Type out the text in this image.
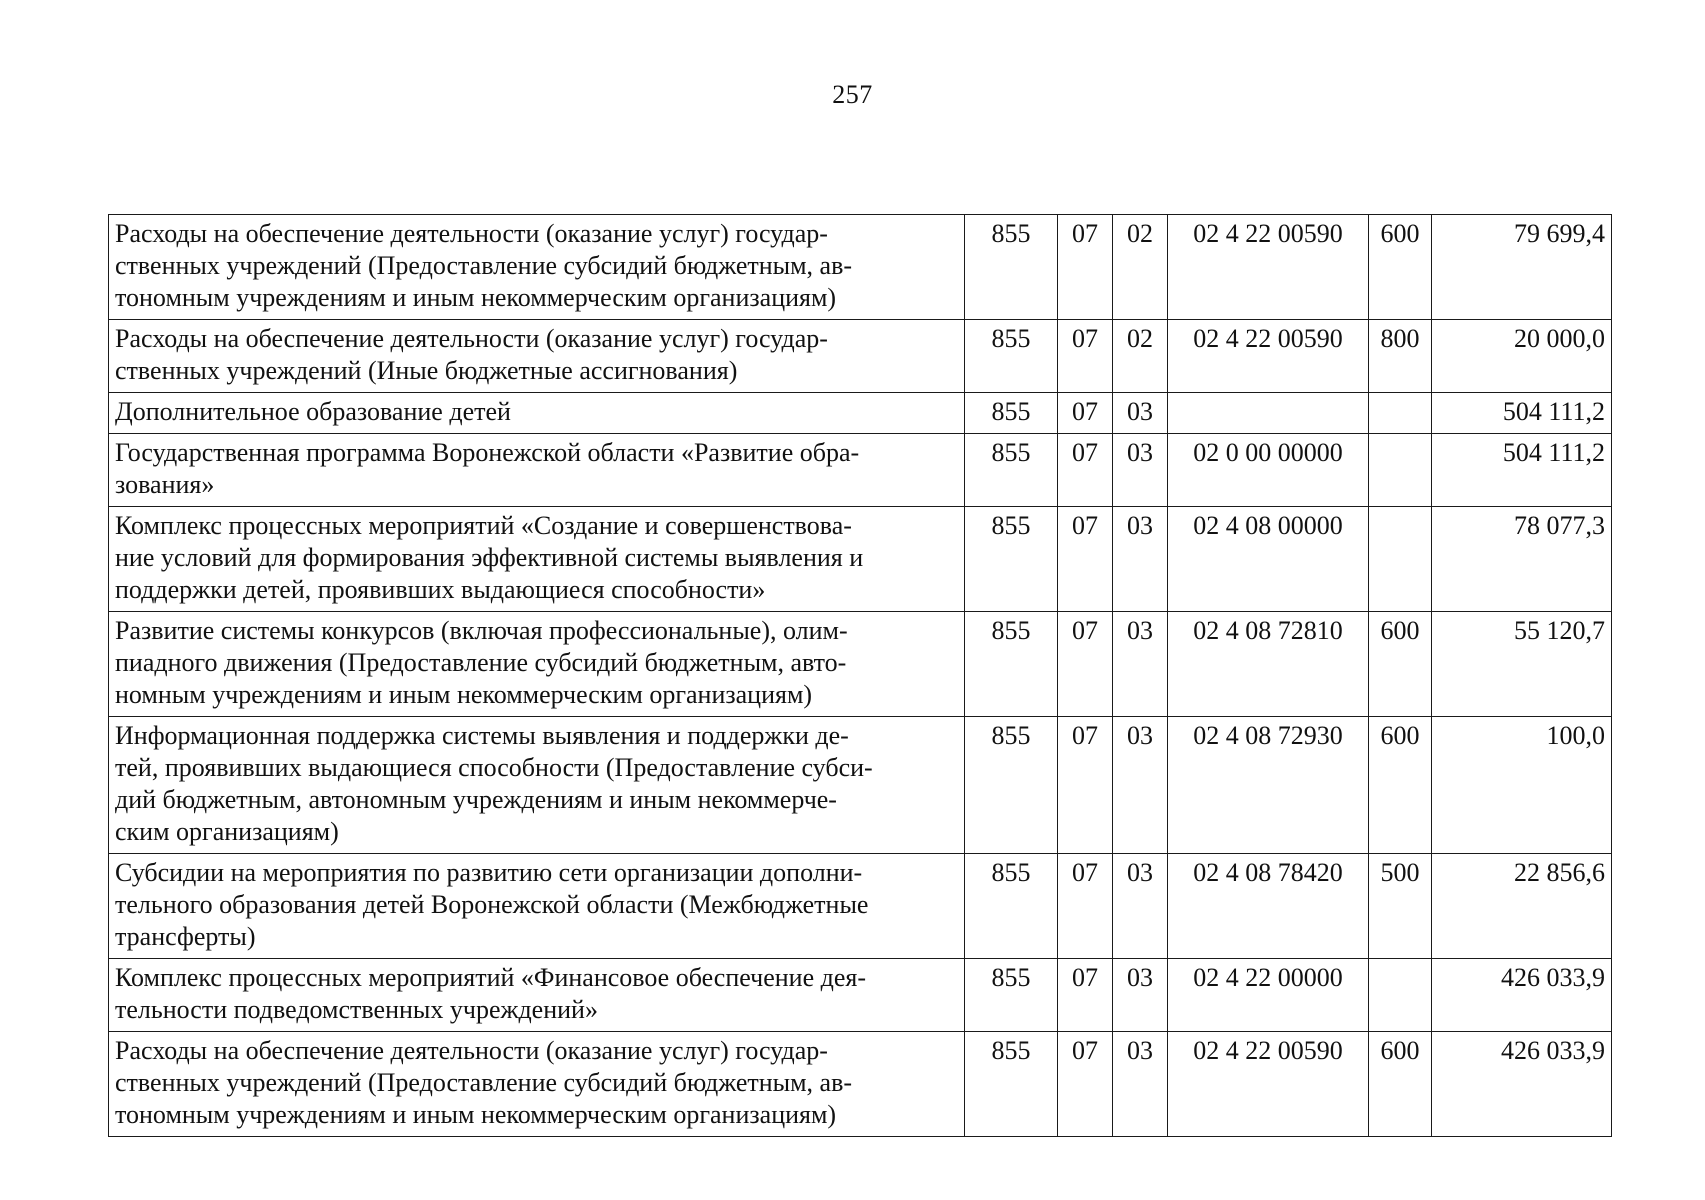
257
Расходы на обеспечение деятельности (оказание услуг) государ-
ственных учреждений (Предоставление субсидий бюджетным, ав-
тономным учреждениям и иным некоммерческим организациям)	855	07	02	02 4 22 00590	600	79 699,4

Расходы на обеспечение деятельности (оказание услуг) государ-
ственных учреждений (Иные бюджетные ассигнования)	855	07	02	02 4 22 00590	800	20 000,0

Дополнительное образование детей	855	07	03			504 111,2

Государственная программа Воронежской области «Развитие обра-
зования»	855	07	03	02 0 00 00000		504 111,2

Комплекс процессных мероприятий «Создание и совершенствова-
ние условий для формирования эффективной системы выявления и
поддержки детей, проявивших выдающиеся способности»	855	07	03	02 4 08 00000		78 077,3

Развитие системы конкурсов (включая профессиональные), олим-
пиадного движения (Предоставление субсидий бюджетным, авто-
номным учреждениям и иным некоммерческим организациям)	855	07	03	02 4 08 72810	600	55 120,7

Информационная поддержка системы выявления и поддержки де-
тей, проявивших выдающиеся способности (Предоставление субси-
дий бюджетным, автономным учреждениям и иным некоммерче-
ским организациям)	855	07	03	02 4 08 72930	600	100,0

Субсидии на мероприятия по развитию сети организации дополни-
тельного образования детей Воронежской области (Межбюджетные
трансферты)	855	07	03	02 4 08 78420	500	22 856,6

Комплекс процессных мероприятий «Финансовое обеспечение дея-
тельности подведомственных учреждений»	855	07	03	02 4 22 00000		426 033,9

Расходы на обеспечение деятельности (оказание услуг) государ-
ственных учреждений (Предоставление субсидий бюджетным, ав-
тономным учреждениям и иным некоммерческим организациям)	855	07	03	02 4 22 00590	600	426 033,9
